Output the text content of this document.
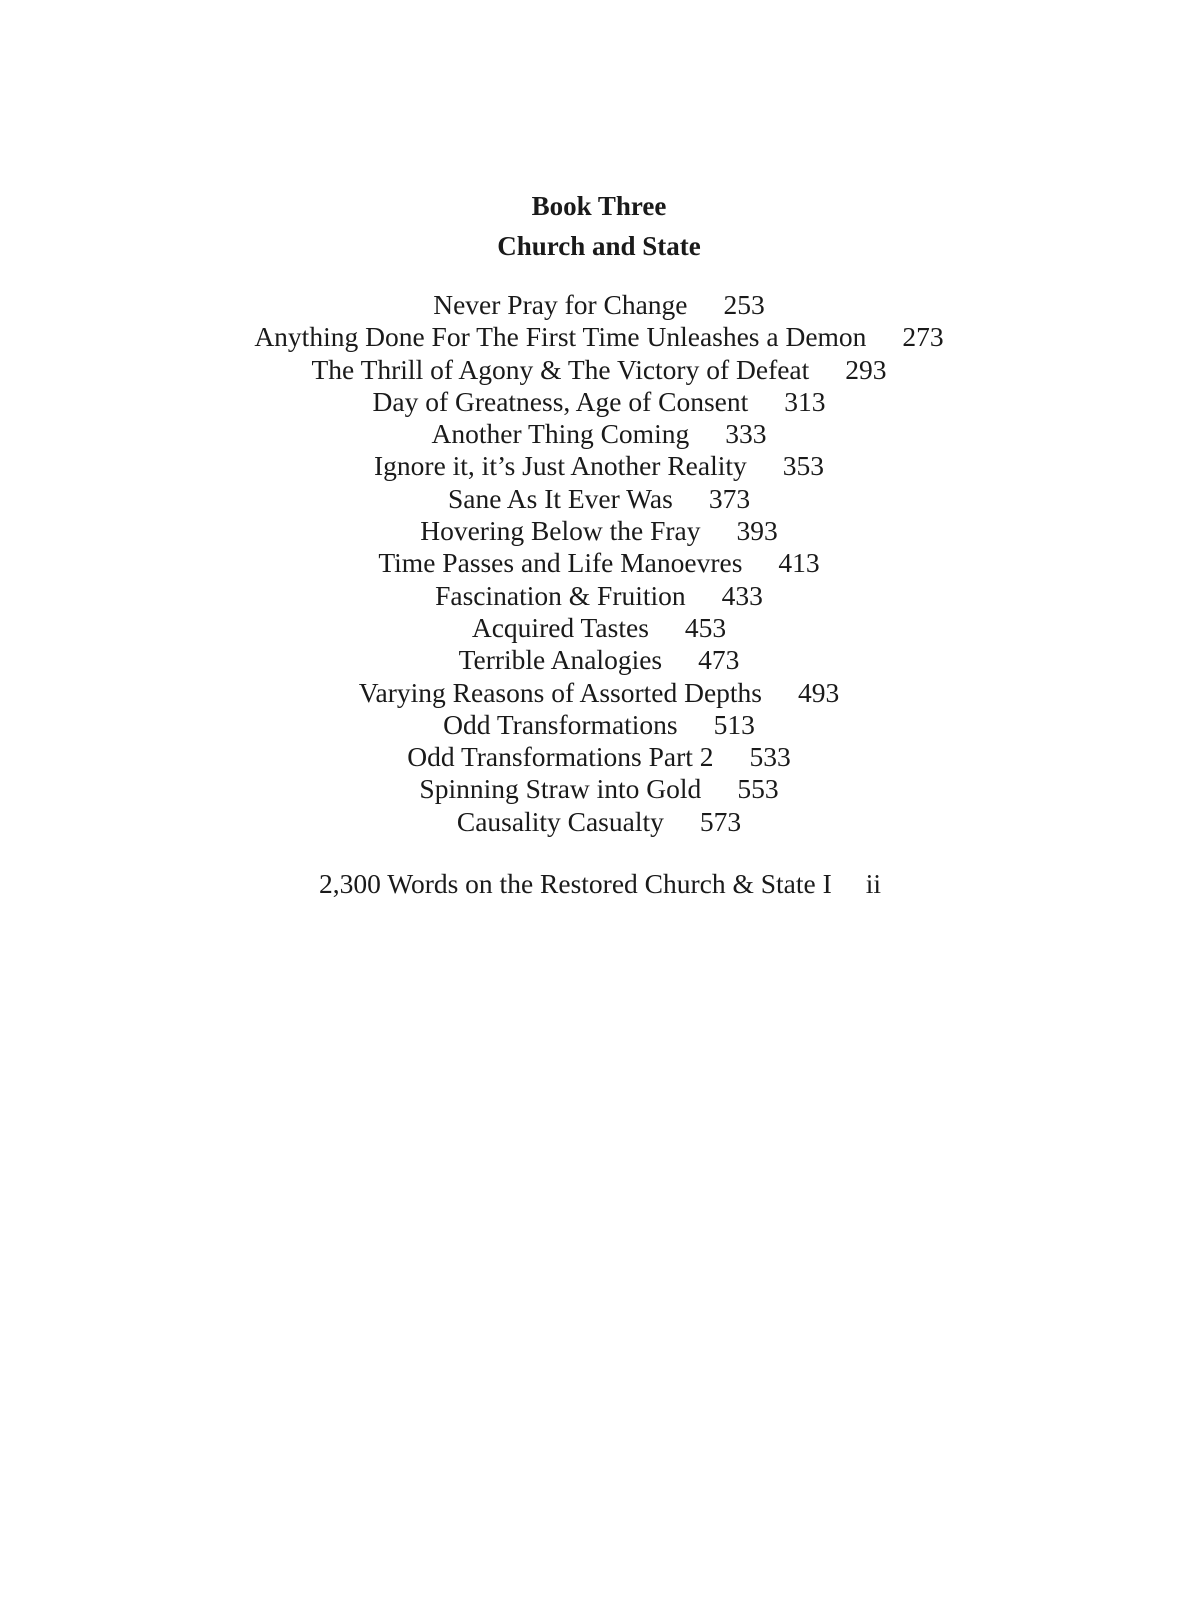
Book Three
Church and State
Never Pray for Change 253
Anything Done For The First Time Unleashes a Demon 273
The Thrill of Agony & The Victory of Defeat 293
Day of Greatness, Age of Consent 313
Another Thing Coming 333
Ignore it, it’s Just Another Reality 353
Sane As It Ever Was 373
Hovering Below the Fray 393
Time Passes and Life Manoevres 413
Fascination & Fruition 433
Acquired Tastes 453
Terrible Analogies 473
Varying Reasons of Assorted Depths 493
Odd Transformations 513
Odd Transformations Part 2 533
Spinning Straw into Gold 553
Causality Casualty 573
2,300 Words on the Restored Church & State I ii
